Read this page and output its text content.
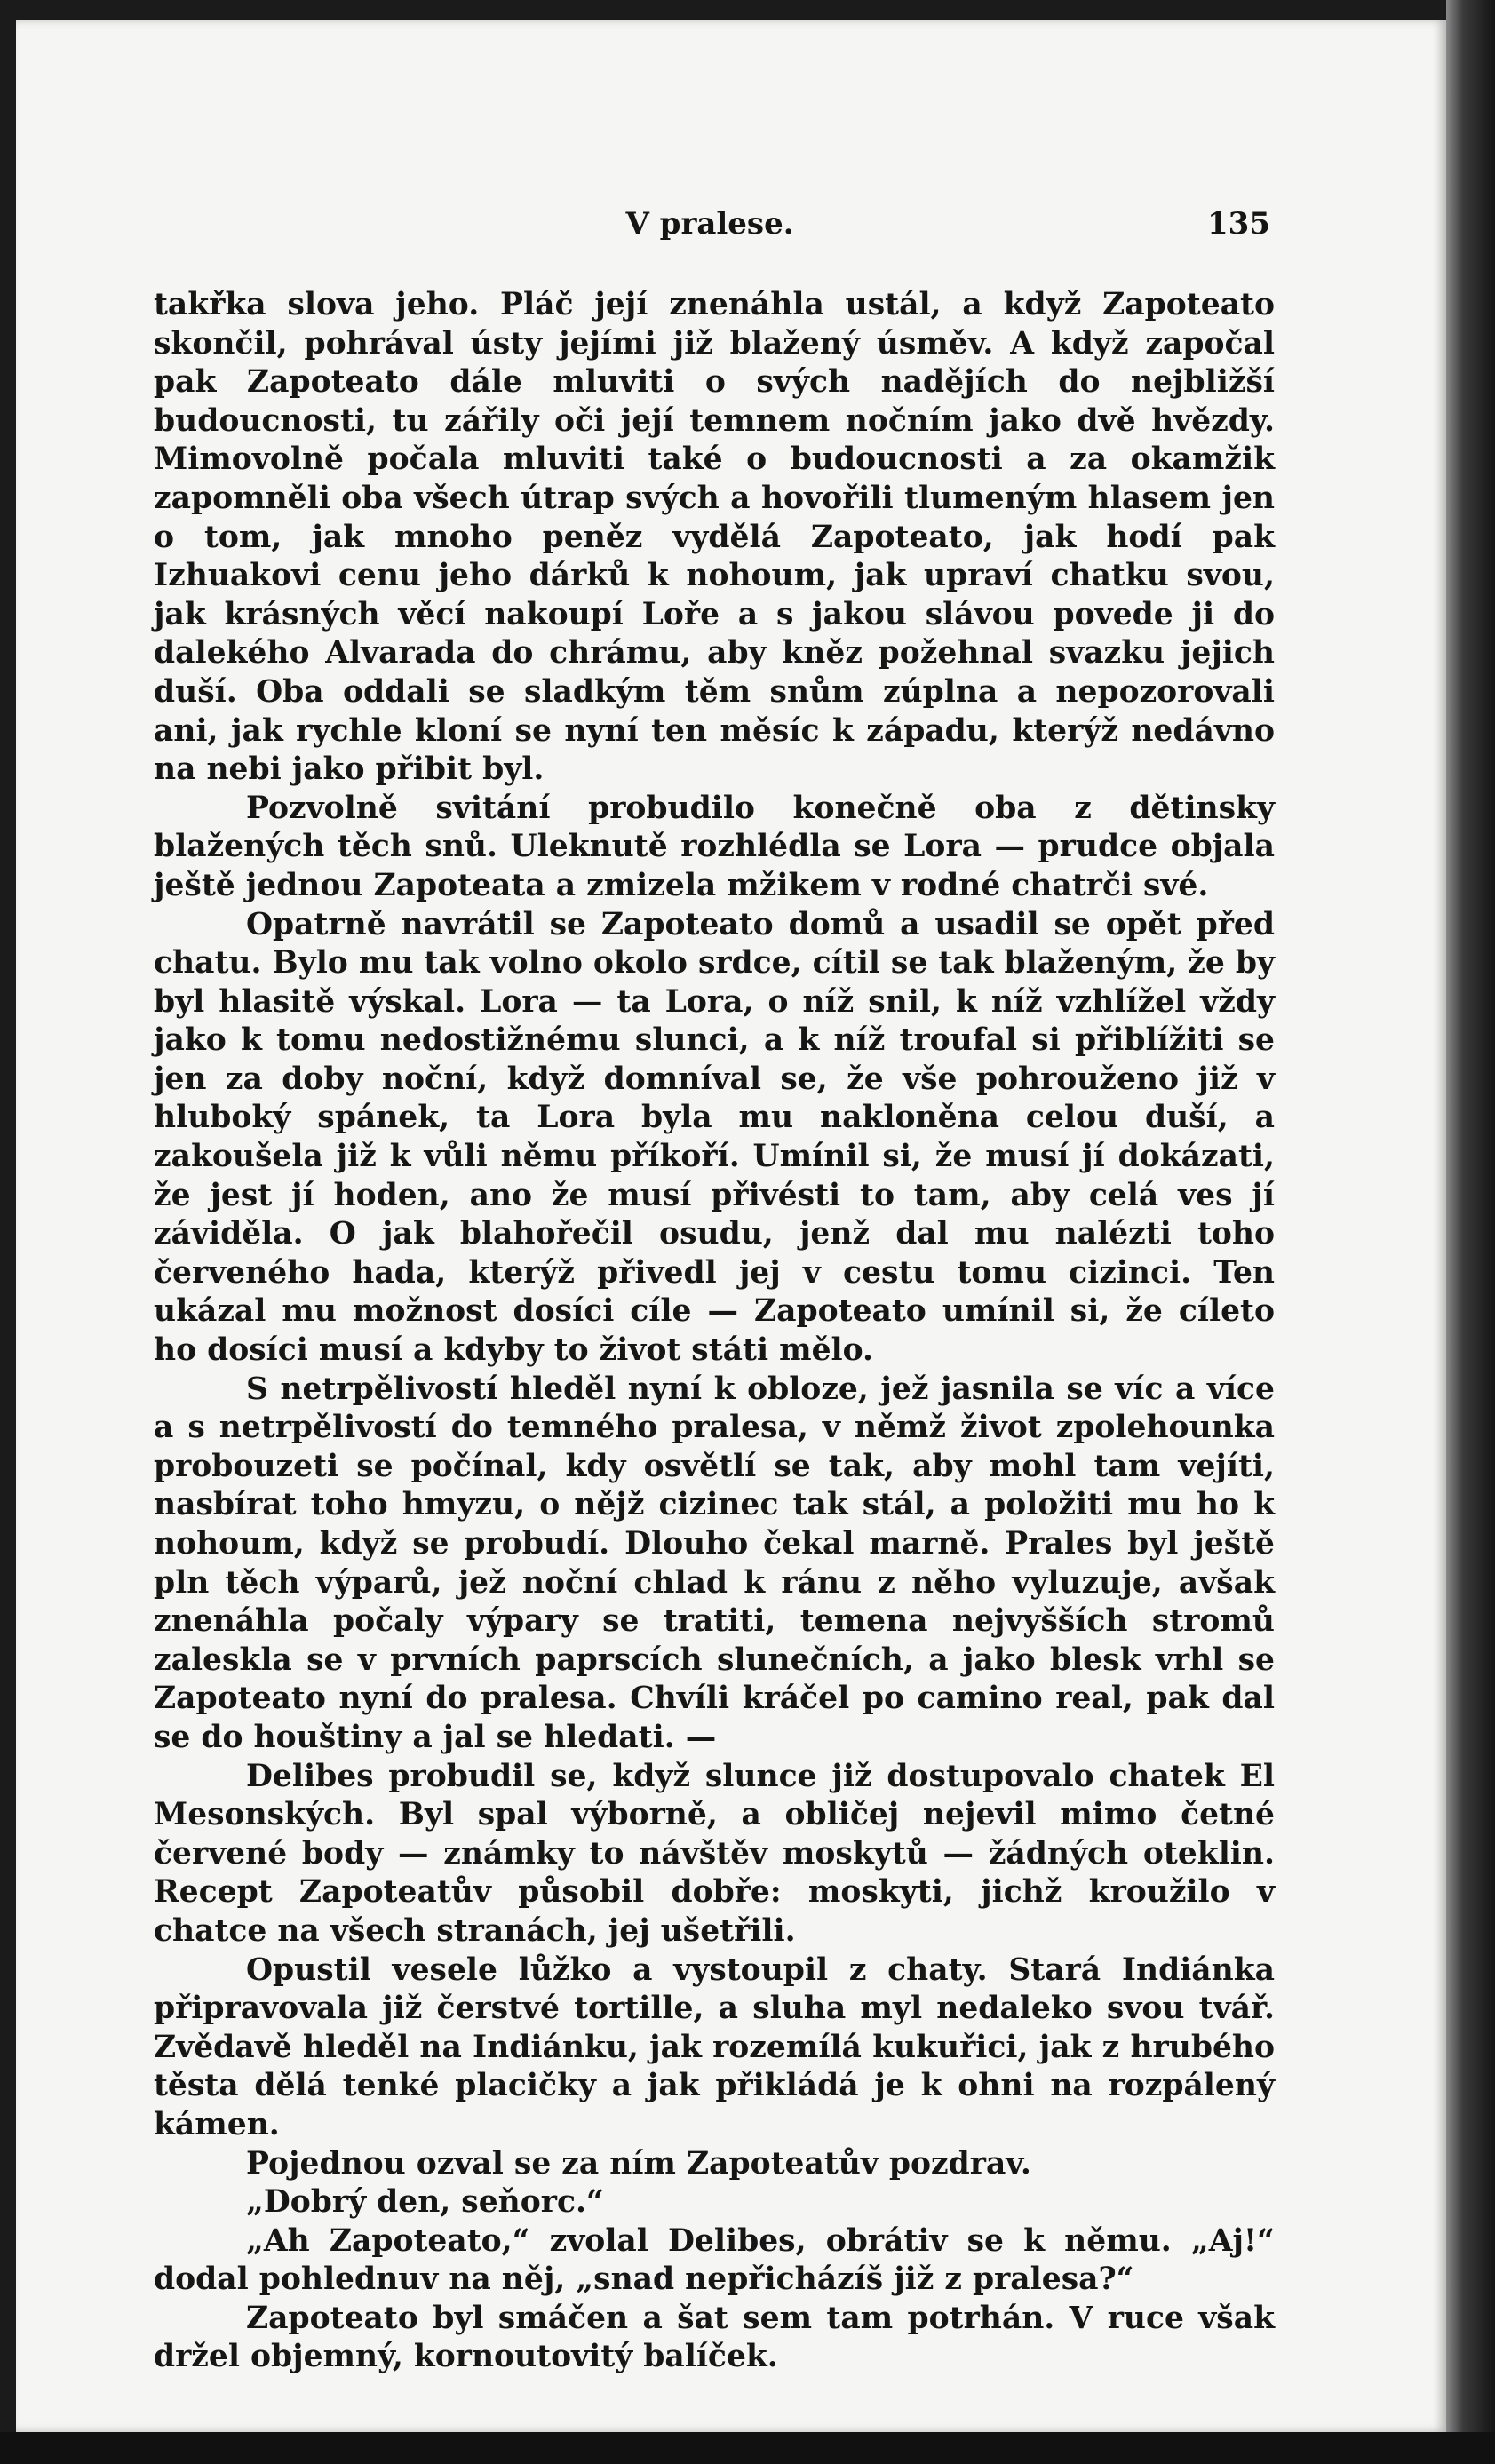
V pralese.	135

takřka slova jeho. Pláč její znenáhla ustál, a když Zapoteato skončil, pohrával ústy jejími již blažený úsměv. A když započal pak Zapoteato dále mluviti o svých nadějích do nejbližší budoucnosti, tu zářily oči její temnem nočním jako dvě hvězdy. Mimovolně počala mluviti také o budoucnosti a za okamžik zapomněli oba všech útrap svých a hovořili tlumeným hlasem jen o tom, jak mnoho peněz vydělá Zapoteato, jak hodí pak Izhuakovi cenu jeho dárků k nohoum, jak upraví chatku svou, jak krásných věcí nakoupí Loře a s jakou slávou povede ji do dalekého Alvarada do chrámu, aby kněz požehnal svazku jejich duší. Oba oddali se sladkým těm snům zúplna a nepozorovali ani, jak rychle kloní se nyní ten měsíc k západu, kterýž nedávno na nebi jako přibit byl.

Pozvolně svitání probudilo konečně oba z dětinsky blažených těch snů. Uleknutě rozhlédla se Lora — prudce objala ještě jednou Zapoteata a zmizela mžikem v rodné chatrči své.

Opatrně navrátil se Zapoteato domů a usadil se opět před chatu. Bylo mu tak volno okolo srdce, cítil se tak blaženým, že by byl hlasitě výskal. Lora — ta Lora, o níž snil, k níž vzhlížel vždy jako k tomu nedostižnému slunci, a k níž troufal si přiblížiti se jen za doby noční, když domníval se, že vše pohrouženo již v hluboký spánek, ta Lora byla mu nakloněna celou duší, a zakoušela již k vůli němu příkoří. Umínil si, že musí jí dokázati, že jest jí hoden, ano že musí přivésti to tam, aby celá ves jí záviděla. O jak blahořečil osudu, jenž dal mu nalézti toho červeného hada, kterýž přivedl jej v cestu tomu cizinci. Ten ukázal mu možnost dosíci cíle — Zapoteato umínil si, že cíleto ho dosíci musí a kdyby to život státi mělo.

S netrpělivostí hleděl nyní k obloze, jež jasnila se víc a více a s netrpělivostí do temného pralesa, v němž život zpolehounka probouzeti se počínal, kdy osvětlí se tak, aby mohl tam vejíti, nasbírat toho hmyzu, o nějž cizinec tak stál, a položiti mu ho k nohoum, když se probudí. Dlouho čekal marně. Prales byl ještě pln těch výparů, jež noční chlad k ránu z něho vyluzuje, avšak znenáhla počaly výpary se tratiti, temena nejvyšších stromů zaleskla se v prvních paprscích slunečních, a jako blesk vrhl se Zapoteato nyní do pralesa. Chvíli kráčel po camino real, pak dal se do houštiny a jal se hledati. —

Delibes probudil se, když slunce již dostupovalo chatek El Mesonských. Byl spal výborně, a obličej nejevil mimo četné červené body — známky to návštěv moskytů — žádných oteklin. Recept Zapoteatův působil dobře: moskyti, jichž kroužilo v chatce na všech stranách, jej ušetřili.

Opustil vesele lůžko a vystoupil z chaty. Stará Indiánka připravovala již čerstvé tortille, a sluha myl nedaleko svou tvář. Zvědavě hleděl na Indiánku, jak rozemílá kukuřici, jak z hrubého těsta dělá tenké placičky a jak přikládá je k ohni na rozpálený kámen.

Pojednou ozval se za ním Zapoteatův pozdrav.

„Dobrý den, seňorc.“

„Ah Zapoteato,“ zvolal Delibes, obrátiv se k němu. „Aj!“ dodal pohlednuv na něj, „snad nepřicházíš již z pralesa?“

Zapoteato byl smáčen a šat sem tam potrhán. V ruce však držel objemný, kornoutovitý balíček.
